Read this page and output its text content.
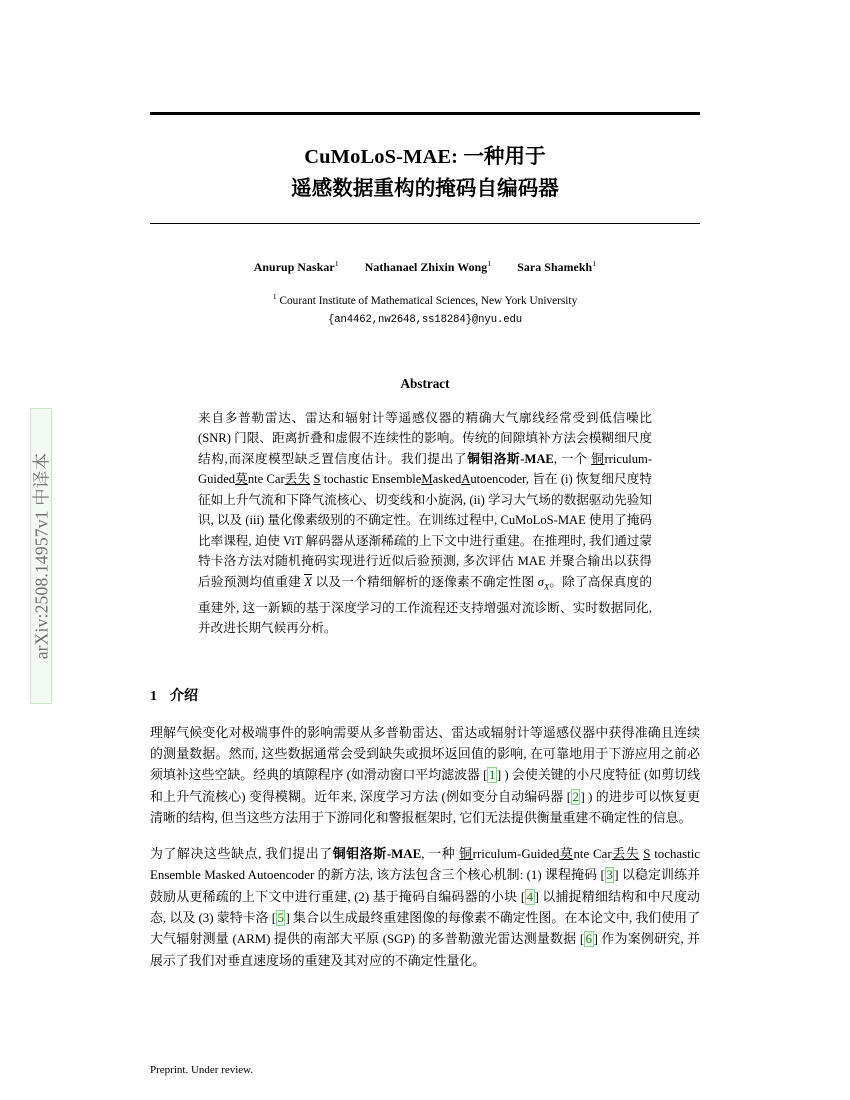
arXiv:2508.14957v1 中译本
CuMoLoS-MAE: 一种用于
遥感数据重构的掩码自编码器
Anurup Naskar$^1$ Nathanael Zhixin Wong$^1$ Sara Shamekh$^1$
$^1$ Courant Institute of Mathematical Sciences, New York University
{an4462,nw2648,ss18284}@nyu.edu
Abstract
来自多普勒雷达、雷达和辐射计等遥感仪器的精确大气廓线经常受到低信噪比 (SNR) 门限、距离折叠和虚假不连续性的影响。传统的间隙填补方法会模糊细尺度结构,而深度模型缺乏置信度估计。我们提出了铜钼洛斯-MAE, 一个 铜rriculum-Guided莫nte Car丢失 S tochastic EnsembleMaskedAutoencoder, 旨在 (i) 恢复细尺度特征如上升气流和下降气流核心、切变线和小旋涡, (ii) 学习大气场的数据驱动先验知识, 以及 (iii) 量化像素级别的不确定性。在训练过程中, CuMoLoS-MAE 使用了掩码比率课程, 迫使 ViT 解码器从逐渐稀疏的上下文中进行重建。在推理时, 我们通过蒙特卡洛方法对随机掩码实现进行近似后验预测, 多次评估 MAE 并聚合输出以获得后验预测均值重建 X 以及一个精细解析的逐像素不确定性图 $\sigma_X$。除了高保真度的重建外, 这一新颖的基于深度学习的工作流程还支持增强对流诊断、实时数据同化, 并改进长期气候再分析。
1 介绍
理解气候变化对极端事件的影响需要从多普勒雷达、雷达或辐射计等遥感仪器中获得准确且连续的测量数据。然而, 这些数据通常会受到缺失或损坏返回值的影响, 在可靠地用于下游应用之前必须填补这些空缺。经典的填隙程序 (如滑动窗口平均滤波器 [ 1 ] ) 会使关键的小尺度特征 (如剪切线和上升气流核心) 变得模糊。近年来, 深度学习方法 (例如变分自动编码器 [ 2 ] ) 的进步可以恢复更清晰的结构, 但当这些方法用于下游同化和警报框架时, 它们无法提供衡量重建不确定性的信息。
为了解决这些缺点, 我们提出了铜钼洛斯-MAE, 一种 铜rriculum-Guided莫nte Car丢失 S tochastic Ensemble Masked Autoencoder 的新方法, 该方法包含三个核心机制: (1) 课程掩码 [ 3 ] 以稳定训练并鼓励从更稀疏的上下文中进行重建, (2) 基于掩码自编码器的小块 [ 4 ] 以捕捉精细结构和中尺度动态, 以及 (3) 蒙特卡洛 [ 5 ] 集合以生成最终重建图像的每像素不确定性图。在本论文中, 我们使用了大气辐射测量 (ARM) 提供的南部大平原 (SGP) 的多普勒激光雷达测量数据 [ 6 ] 作为案例研究, 并展示了我们对垂直速度场的重建及其对应的不确定性量化。
Preprint. Under review.
